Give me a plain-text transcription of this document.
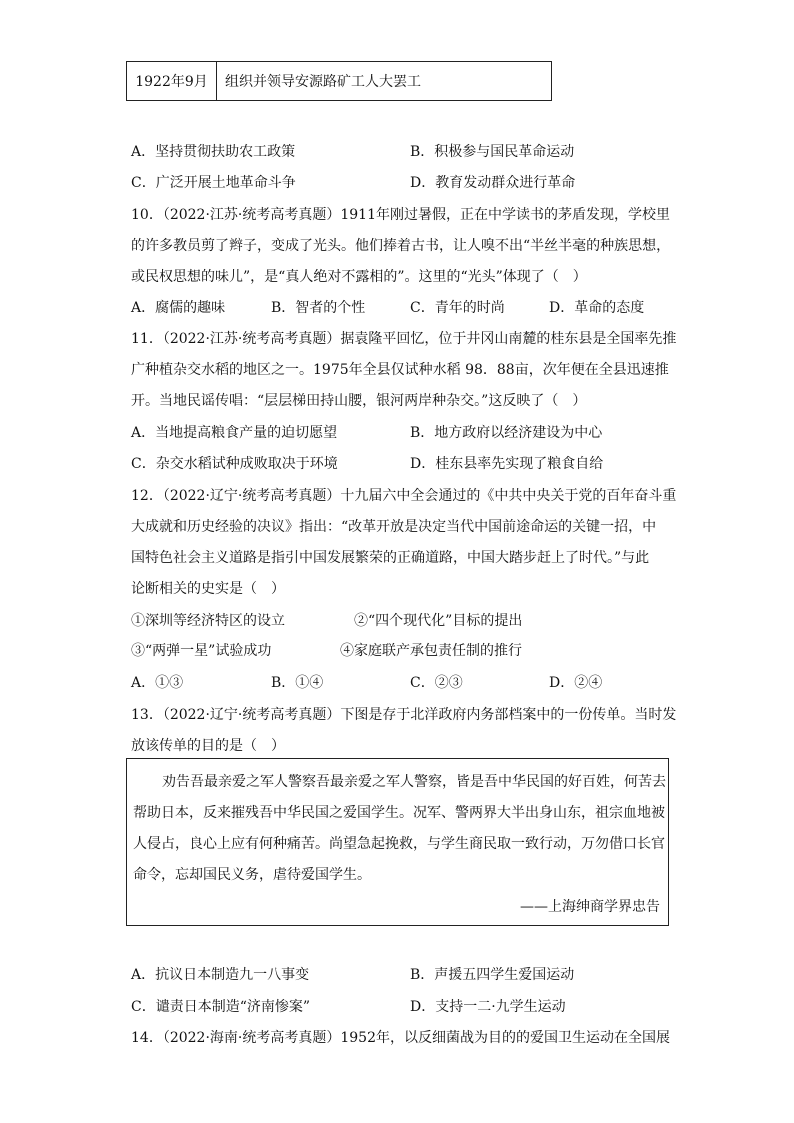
1922年9月	组织并领导安源路矿工人大罢工
A．坚持贯彻扶助农工政策	B．积极参与国民革命运动
C．广泛开展土地革命斗争	D．教育发动群众进行革命
10．（2022·江苏·统考高考真题）1911年刚过暑假，正在中学读书的茅盾发现，学校里
的许多教员剪了辫子，变成了光头。他们捧着古书，让人嗅不出“半丝半毫的种族思想，
或民权思想的味儿”，是“真人绝对不露相的”。这里的“光头”体现了（　）
A．腐儒的趣味	B．智者的个性	C．青年的时尚	D．革命的态度
11．（2022·江苏·统考高考真题）据袁隆平回忆，位于井冈山南麓的桂东县是全国率先推
广种植杂交水稻的地区之一。1975年全县仅试种水稻 98．88亩，次年便在全县迅速推
开。当地民谣传唱：“层层梯田持山腰，银河两岸种杂交。”这反映了（　）
A．当地提高粮食产量的迫切愿望	B．地方政府以经济建设为中心
C．杂交水稻试种成败取决于环境	D．桂东县率先实现了粮食自给
12．（2022·辽宁·统考高考真题）十九届六中全会通过的《中共中央关于党的百年奋斗重
大成就和历史经验的决议》指出：“改革开放是决定当代中国前途命运的关键一招，中
国特色社会主义道路是指引中国发展繁荣的正确道路，中国大踏步赶上了时代。”与此
论断相关的史实是（　）
①深圳等经济特区的设立	②“四个现代化”目标的提出
③“两弹一星”试验成功	④家庭联产承包责任制的推行
A．①③	B．①④	C．②③	D．②④
13．（2022·辽宁·统考高考真题）下图是存于北洋政府内务部档案中的一份传单。当时发
放该传单的目的是（　）
劝告吾最亲爱之军人警察吾最亲爱之军人警察，皆是吾中华民国的好百姓，何苦去
帮助日本，反来摧残吾中华民国之爱国学生。况军、警两界大半出身山东，祖宗血地被
人侵占，良心上应有何种痛苦。尚望急起挽救，与学生商民取一致行动，万勿借口长官
命令，忘却国民义务，虐待爱国学生。
——上海绅商学界忠告
A．抗议日本制造九一八事变	B．声援五四学生爱国运动
C．谴责日本制造“济南惨案”	D．支持一二·九学生运动
14．（2022·海南·统考高考真题）1952年，以反细菌战为目的的爱国卫生运动在全国展
